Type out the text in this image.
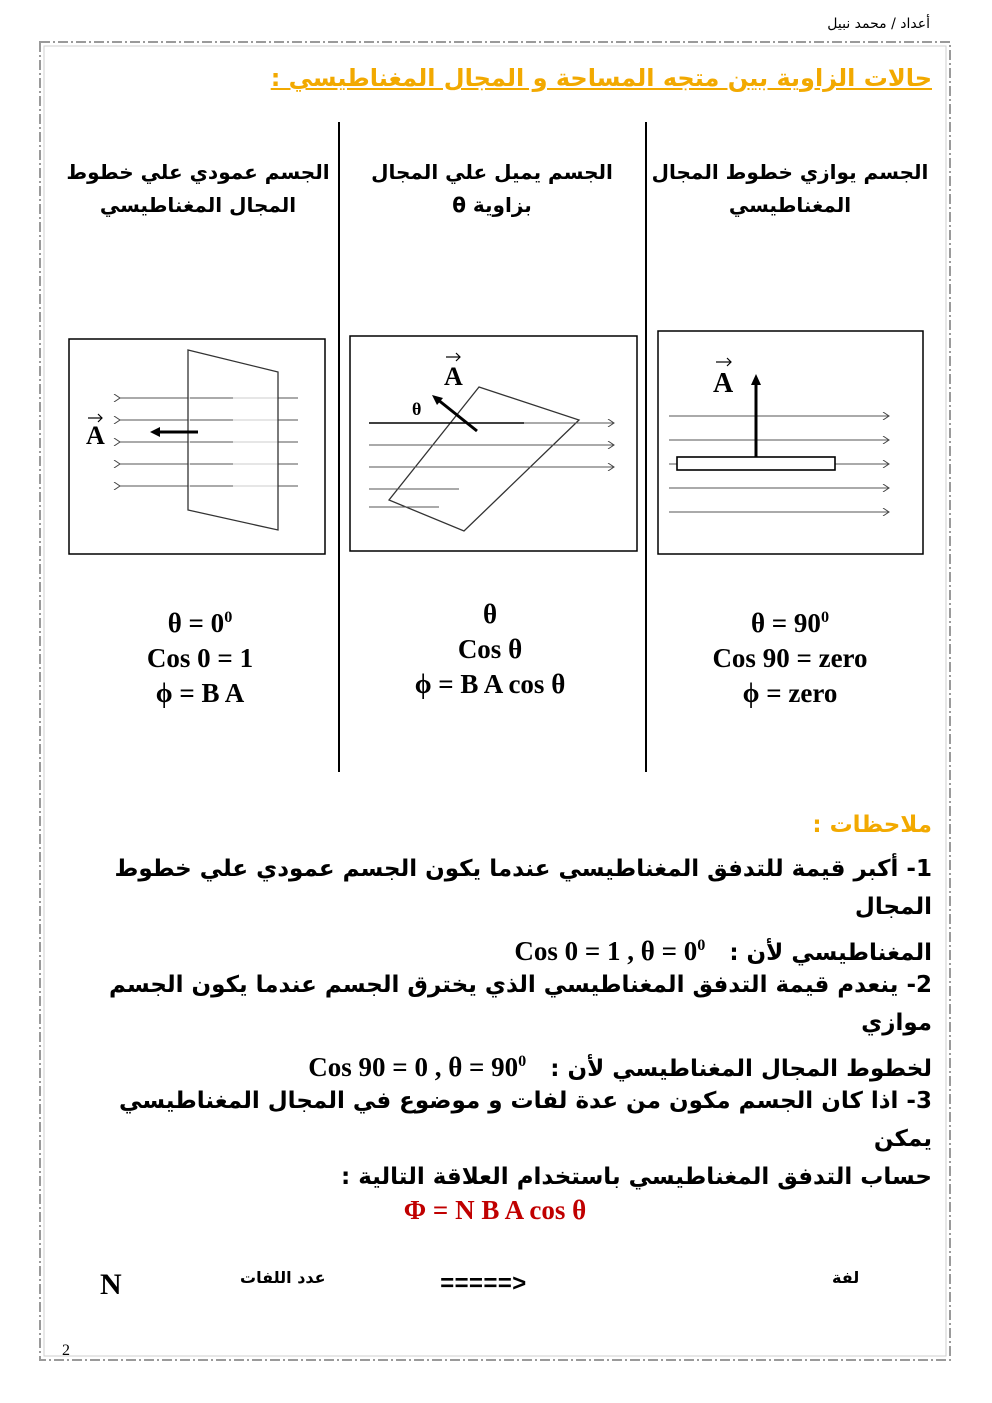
أعداد / محمد نبيل
حالات الزاوية بين متجه المساحة و المجال المغناطيسي :
الجسم يوازي خطوط المجال
المغناطيسي
الجسم يميل علي المجال
بزاوية θ
الجسم عمودي علي خطوط
المجال المغناطيسي
A
A
θ
A
$\theta = 0^0$
Cos 0 = 1
ϕ = B A
θ
Cos θ
ϕ = B A cos θ
$\theta = 90^0$
Cos 90 = zero
ϕ = zero
ملاحظات :
1- أكبر قيمة للتدفق المغناطيسي عندما يكون الجسم عمودي علي خطوط المجال
المغناطيسي لأن :   Cos 0 = 1 , $\theta = 0^0$
2- ينعدم قيمة التدفق المغناطيسي الذي يخترق الجسم عندما يكون الجسم موازي
لخطوط المجال المغناطيسي لأن :   Cos 90 = 0 , $\theta = 90^0$
3- اذا كان الجسم مكون من عدة لفات و موضوع في المجال المغناطيسي يمكن
حساب التدفق المغناطيسي باستخدام العلاقة التالية :
Φ = N B A cos θ
N	عدد اللفات	=====>	لفة
2
